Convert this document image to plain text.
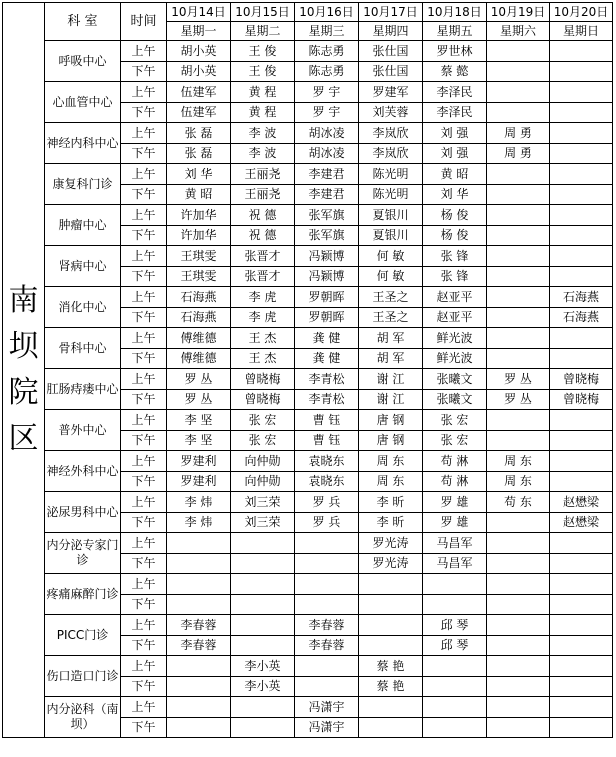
南坝院区	科 室	时间	10月14日	10月15日	10月16日	10月17日	10月18日	10月19日	10月20日
			星期一	星期二	星期三	星期四	星期五	星期六	星期日
	呼吸中心	上午	胡小英	王 俊	陈志勇	张仕国	罗世林		
		下午	胡小英	王 俊	陈志勇	张仕国	蔡 懿		
	心血管中心	上午	伍建军	黄 程	罗 宇	罗建军	李泽民		
		下午	伍建军	黄 程	罗 宇	刘芙蓉	李泽民		
	神经内科中心	上午	张 磊	李 波	胡冰凌	李岚欣	刘 强	周 勇	
		下午	张 磊	李 波	胡冰凌	李岚欣	刘 强	周 勇	
	康复科门诊	上午	刘 华	王丽尧	李建君	陈光明	黄 昭		
		下午	黄 昭	王丽尧	李建君	陈光明	刘 华		
	肿瘤中心	上午	许加华	祝 德	张军旗	夏银川	杨 俊		
		下午	许加华	祝 德	张军旗	夏银川	杨 俊		
	肾病中心	上午	王琪雯	张晋才	冯颖博	何 敏	张 锋		
		下午	王琪雯	张晋才	冯颖博	何 敏	张 锋		
	消化中心	上午	石海燕	李 虎	罗朝晖	王圣之	赵亚平		石海燕
		下午	石海燕	李 虎	罗朝晖	王圣之	赵亚平		石海燕
	骨科中心	上午	傅维德	王 杰	龚 健	胡 军	鲜光波		
		下午	傅维德	王 杰	龚 健	胡 军	鲜光波		
	肛肠痔瘘中心	上午	罗 丛	曾晓梅	李青松	谢 江	张曦文	罗 丛	曾晓梅
		下午	罗 丛	曾晓梅	李青松	谢 江	张曦文	罗 丛	曾晓梅
	普外中心	上午	李 坚	张 宏	曹 钰	唐 钢	张 宏		
		下午	李 坚	张 宏	曹 钰	唐 钢	张 宏		
	神经外科中心	上午	罗建利	向仲勋	袁晓东	周 东	苟 淋	周 东	
		下午	罗建利	向仲勋	袁晓东	周 东	苟 淋	周 东	
	泌尿男科中心	上午	李 炜	刘三荣	罗 兵	李 昕	罗 雄	苟 东	赵懋梁
		下午	李 炜	刘三荣	罗 兵	李 昕	罗 雄		赵懋梁
	内分泌专家门诊	上午				罗光涛	马昌军		
		下午				罗光涛	马昌军		
	疼痛麻醉门诊	上午							
		下午							
	PICC门诊	上午	李春蓉		李春蓉		邱 琴		
		下午	李春蓉		李春蓉		邱 琴		
	伤口造口门诊	上午		李小英		蔡 艳			
		下午		李小英		蔡 艳			
	内分泌科（南坝）	上午			冯潇宇				
		下午			冯潇宇				
